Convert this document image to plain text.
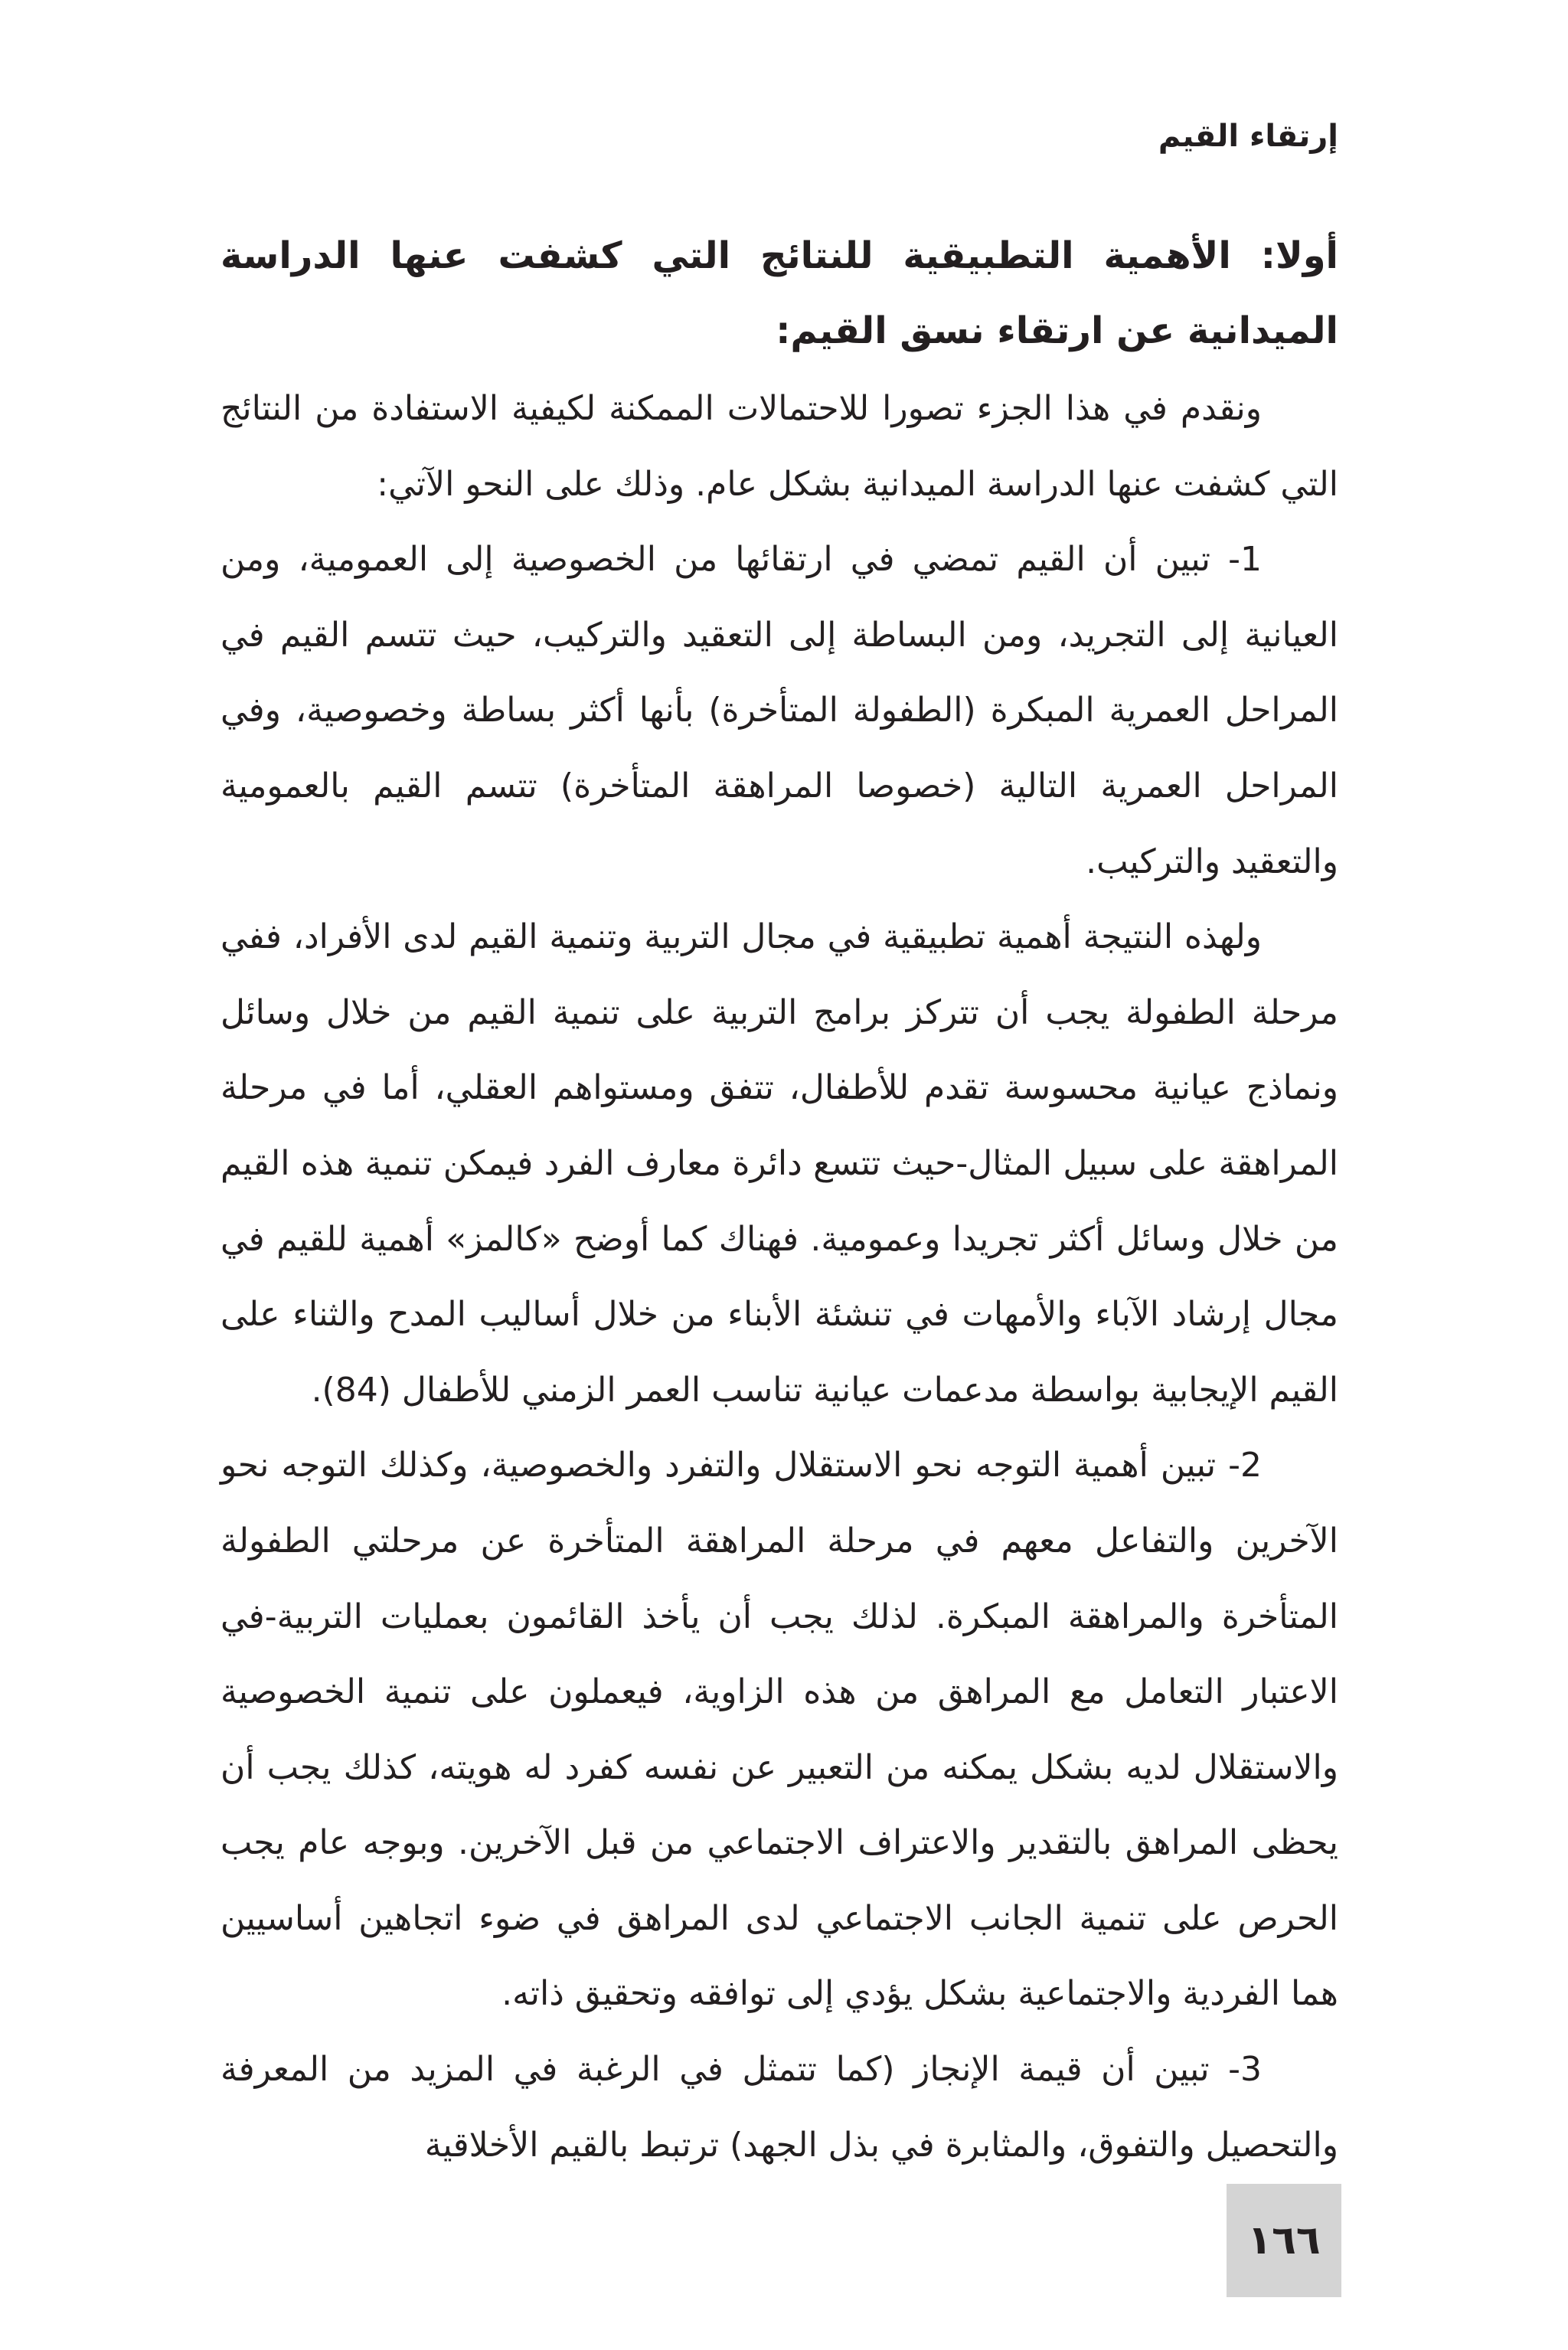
إرتقاء القيم

أولا: الأهمية التطبيقية للنتائج التي كشفت عنها الدراسة الميدانية عن ارتقاء نسق القيم:

ونقدم في هذا الجزء تصورا للاحتمالات الممكنة لكيفية الاستفادة من النتائج التي كشفت عنها الدراسة الميدانية بشكل عام. وذلك على النحو الآتي:

1- تبين أن القيم تمضي في ارتقائها من الخصوصية إلى العمومية، ومن العيانية إلى التجريد، ومن البساطة إلى التعقيد والتركيب، حيث تتسم القيم في المراحل العمرية المبكرة (الطفولة المتأخرة) بأنها أكثر بساطة وخصوصية، وفي المراحل العمرية التالية (خصوصا المراهقة المتأخرة) تتسم القيم بالعمومية والتعقيد والتركيب.

ولهذه النتيجة أهمية تطبيقية في مجال التربية وتنمية القيم لدى الأفراد، ففي مرحلة الطفولة يجب أن تتركز برامج التربية على تنمية القيم من خلال وسائل ونماذج عيانية محسوسة تقدم للأطفال، تتفق ومستواهم العقلي، أما في مرحلة المراهقة على سبيل المثال-حيث تتسع دائرة معارف الفرد فيمكن تنمية هذه القيم من خلال وسائل أكثر تجريدا وعمومية. فهناك كما أوضح «كالمز» أهمية للقيم في مجال إرشاد الآباء والأمهات في تنشئة الأبناء من خلال أساليب المدح والثناء على القيم الإيجابية بواسطة مدعمات عيانية تناسب العمر الزمني للأطفال (84).

2- تبين أهمية التوجه نحو الاستقلال والتفرد والخصوصية، وكذلك التوجه نحو الآخرين والتفاعل معهم في مرحلة المراهقة المتأخرة عن مرحلتي الطفولة المتأخرة والمراهقة المبكرة. لذلك يجب أن يأخذ القائمون بعمليات التربية-في الاعتبار التعامل مع المراهق من هذه الزاوية، فيعملون على تنمية الخصوصية والاستقلال لديه بشكل يمكنه من التعبير عن نفسه كفرد له هويته، كذلك يجب أن يحظى المراهق بالتقدير والاعتراف الاجتماعي من قبل الآخرين. وبوجه عام يجب الحرص على تنمية الجانب الاجتماعي لدى المراهق في ضوء اتجاهين أساسيين هما الفردية والاجتماعية بشكل يؤدي إلى توافقه وتحقيق ذاته.

3- تبين أن قيمة الإنجاز (كما تتمثل في الرغبة في المزيد من المعرفة والتحصيل والتفوق، والمثابرة في بذل الجهد) ترتبط بالقيم الأخلاقية

١٦٦
